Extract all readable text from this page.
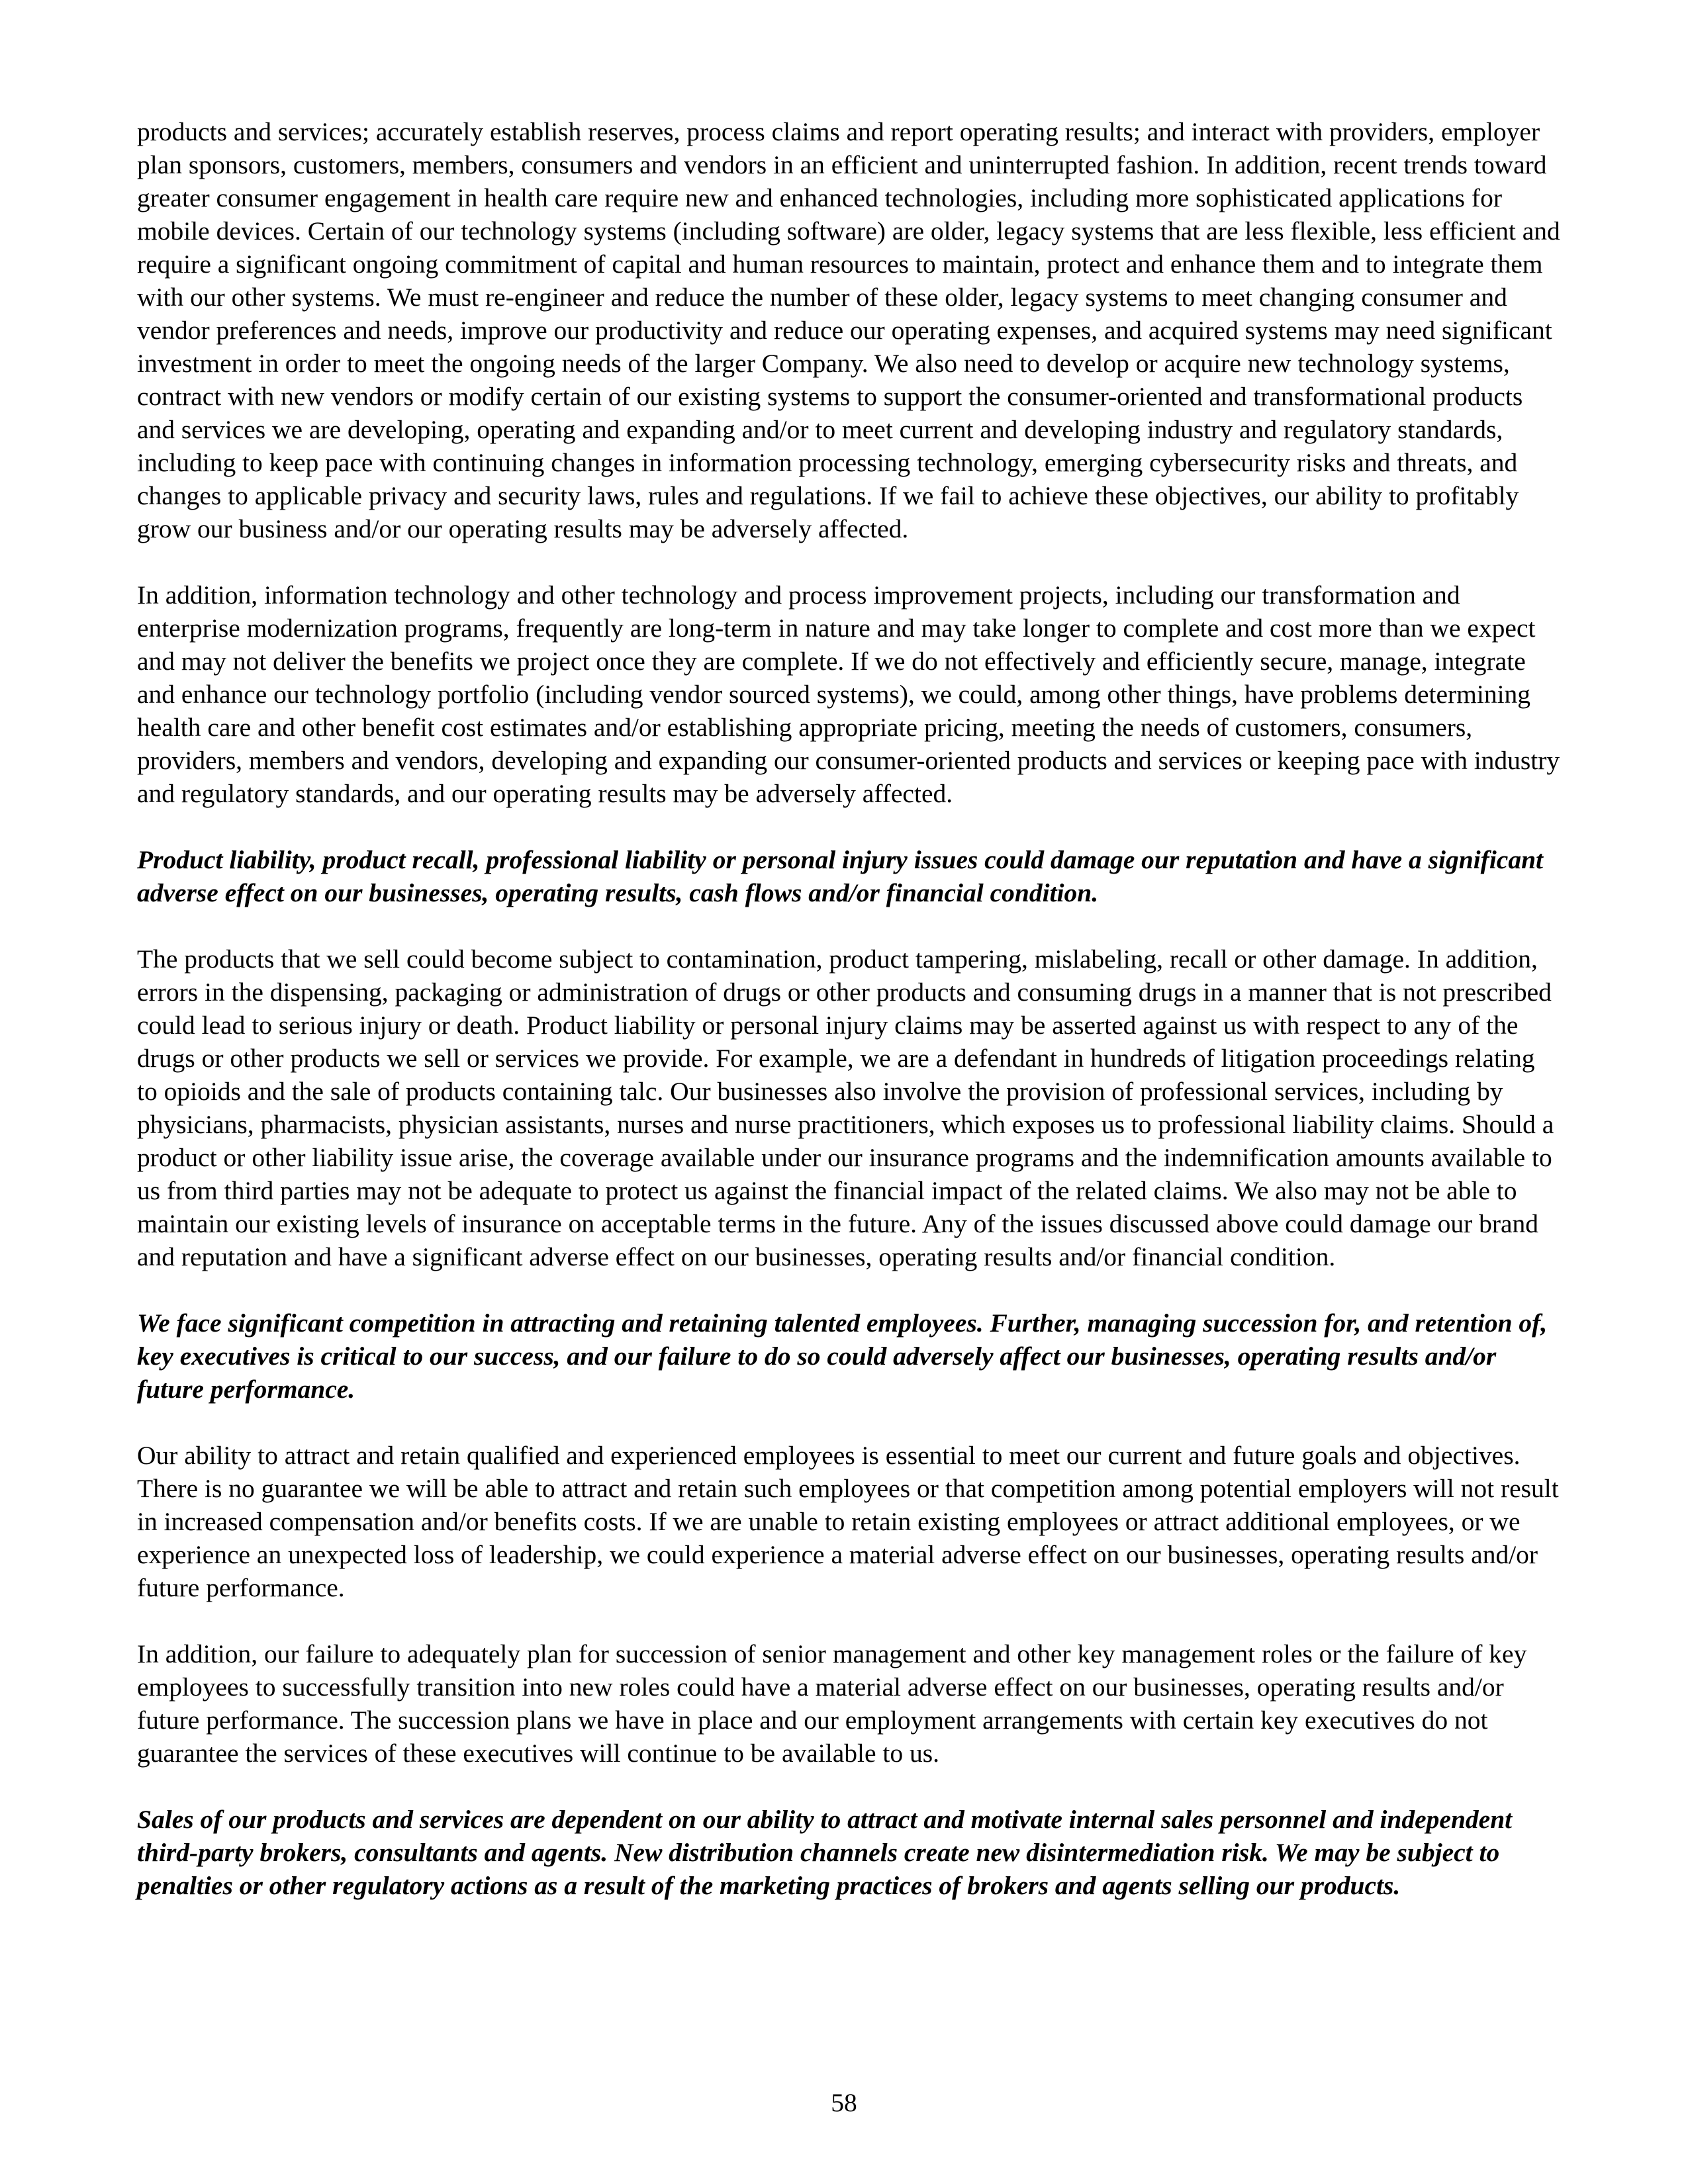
products and services; accurately establish reserves, process claims and report operating results; and interact with providers, employer plan sponsors, customers, members, consumers and vendors in an efficient and uninterrupted fashion. In addition, recent trends toward greater consumer engagement in health care require new and enhanced technologies, including more sophisticated applications for mobile devices. Certain of our technology systems (including software) are older, legacy systems that are less flexible, less efficient and require a significant ongoing commitment of capital and human resources to maintain, protect and enhance them and to integrate them with our other systems. We must re-engineer and reduce the number of these older, legacy systems to meet changing consumer and vendor preferences and needs, improve our productivity and reduce our operating expenses, and acquired systems may need significant investment in order to meet the ongoing needs of the larger Company. We also need to develop or acquire new technology systems, contract with new vendors or modify certain of our existing systems to support the consumer-oriented and transformational products and services we are developing, operating and expanding and/or to meet current and developing industry and regulatory standards, including to keep pace with continuing changes in information processing technology, emerging cybersecurity risks and threats, and changes to applicable privacy and security laws, rules and regulations. If we fail to achieve these objectives, our ability to profitably grow our business and/or our operating results may be adversely affected.

In addition, information technology and other technology and process improvement projects, including our transformation and enterprise modernization programs, frequently are long-term in nature and may take longer to complete and cost more than we expect and may not deliver the benefits we project once they are complete. If we do not effectively and efficiently secure, manage, integrate and enhance our technology portfolio (including vendor sourced systems), we could, among other things, have problems determining health care and other benefit cost estimates and/or establishing appropriate pricing, meeting the needs of customers, consumers, providers, members and vendors, developing and expanding our consumer-oriented products and services or keeping pace with industry and regulatory standards, and our operating results may be adversely affected.

Product liability, product recall, professional liability or personal injury issues could damage our reputation and have a significant adverse effect on our businesses, operating results, cash flows and/or financial condition.

The products that we sell could become subject to contamination, product tampering, mislabeling, recall or other damage. In addition, errors in the dispensing, packaging or administration of drugs or other products and consuming drugs in a manner that is not prescribed could lead to serious injury or death. Product liability or personal injury claims may be asserted against us with respect to any of the drugs or other products we sell or services we provide. For example, we are a defendant in hundreds of litigation proceedings relating to opioids and the sale of products containing talc. Our businesses also involve the provision of professional services, including by physicians, pharmacists, physician assistants, nurses and nurse practitioners, which exposes us to professional liability claims. Should a product or other liability issue arise, the coverage available under our insurance programs and the indemnification amounts available to us from third parties may not be adequate to protect us against the financial impact of the related claims. We also may not be able to maintain our existing levels of insurance on acceptable terms in the future. Any of the issues discussed above could damage our brand and reputation and have a significant adverse effect on our businesses, operating results and/or financial condition.

We face significant competition in attracting and retaining talented employees. Further, managing succession for, and retention of, key executives is critical to our success, and our failure to do so could adversely affect our businesses, operating results and/or future performance.

Our ability to attract and retain qualified and experienced employees is essential to meet our current and future goals and objectives. There is no guarantee we will be able to attract and retain such employees or that competition among potential employers will not result in increased compensation and/or benefits costs. If we are unable to retain existing employees or attract additional employees, or we experience an unexpected loss of leadership, we could experience a material adverse effect on our businesses, operating results and/or future performance.

In addition, our failure to adequately plan for succession of senior management and other key management roles or the failure of key employees to successfully transition into new roles could have a material adverse effect on our businesses, operating results and/or future performance. The succession plans we have in place and our employment arrangements with certain key executives do not guarantee the services of these executives will continue to be available to us.

Sales of our products and services are dependent on our ability to attract and motivate internal sales personnel and independent third-party brokers, consultants and agents. New distribution channels create new disintermediation risk. We may be subject to penalties or other regulatory actions as a result of the marketing practices of brokers and agents selling our products.

58
